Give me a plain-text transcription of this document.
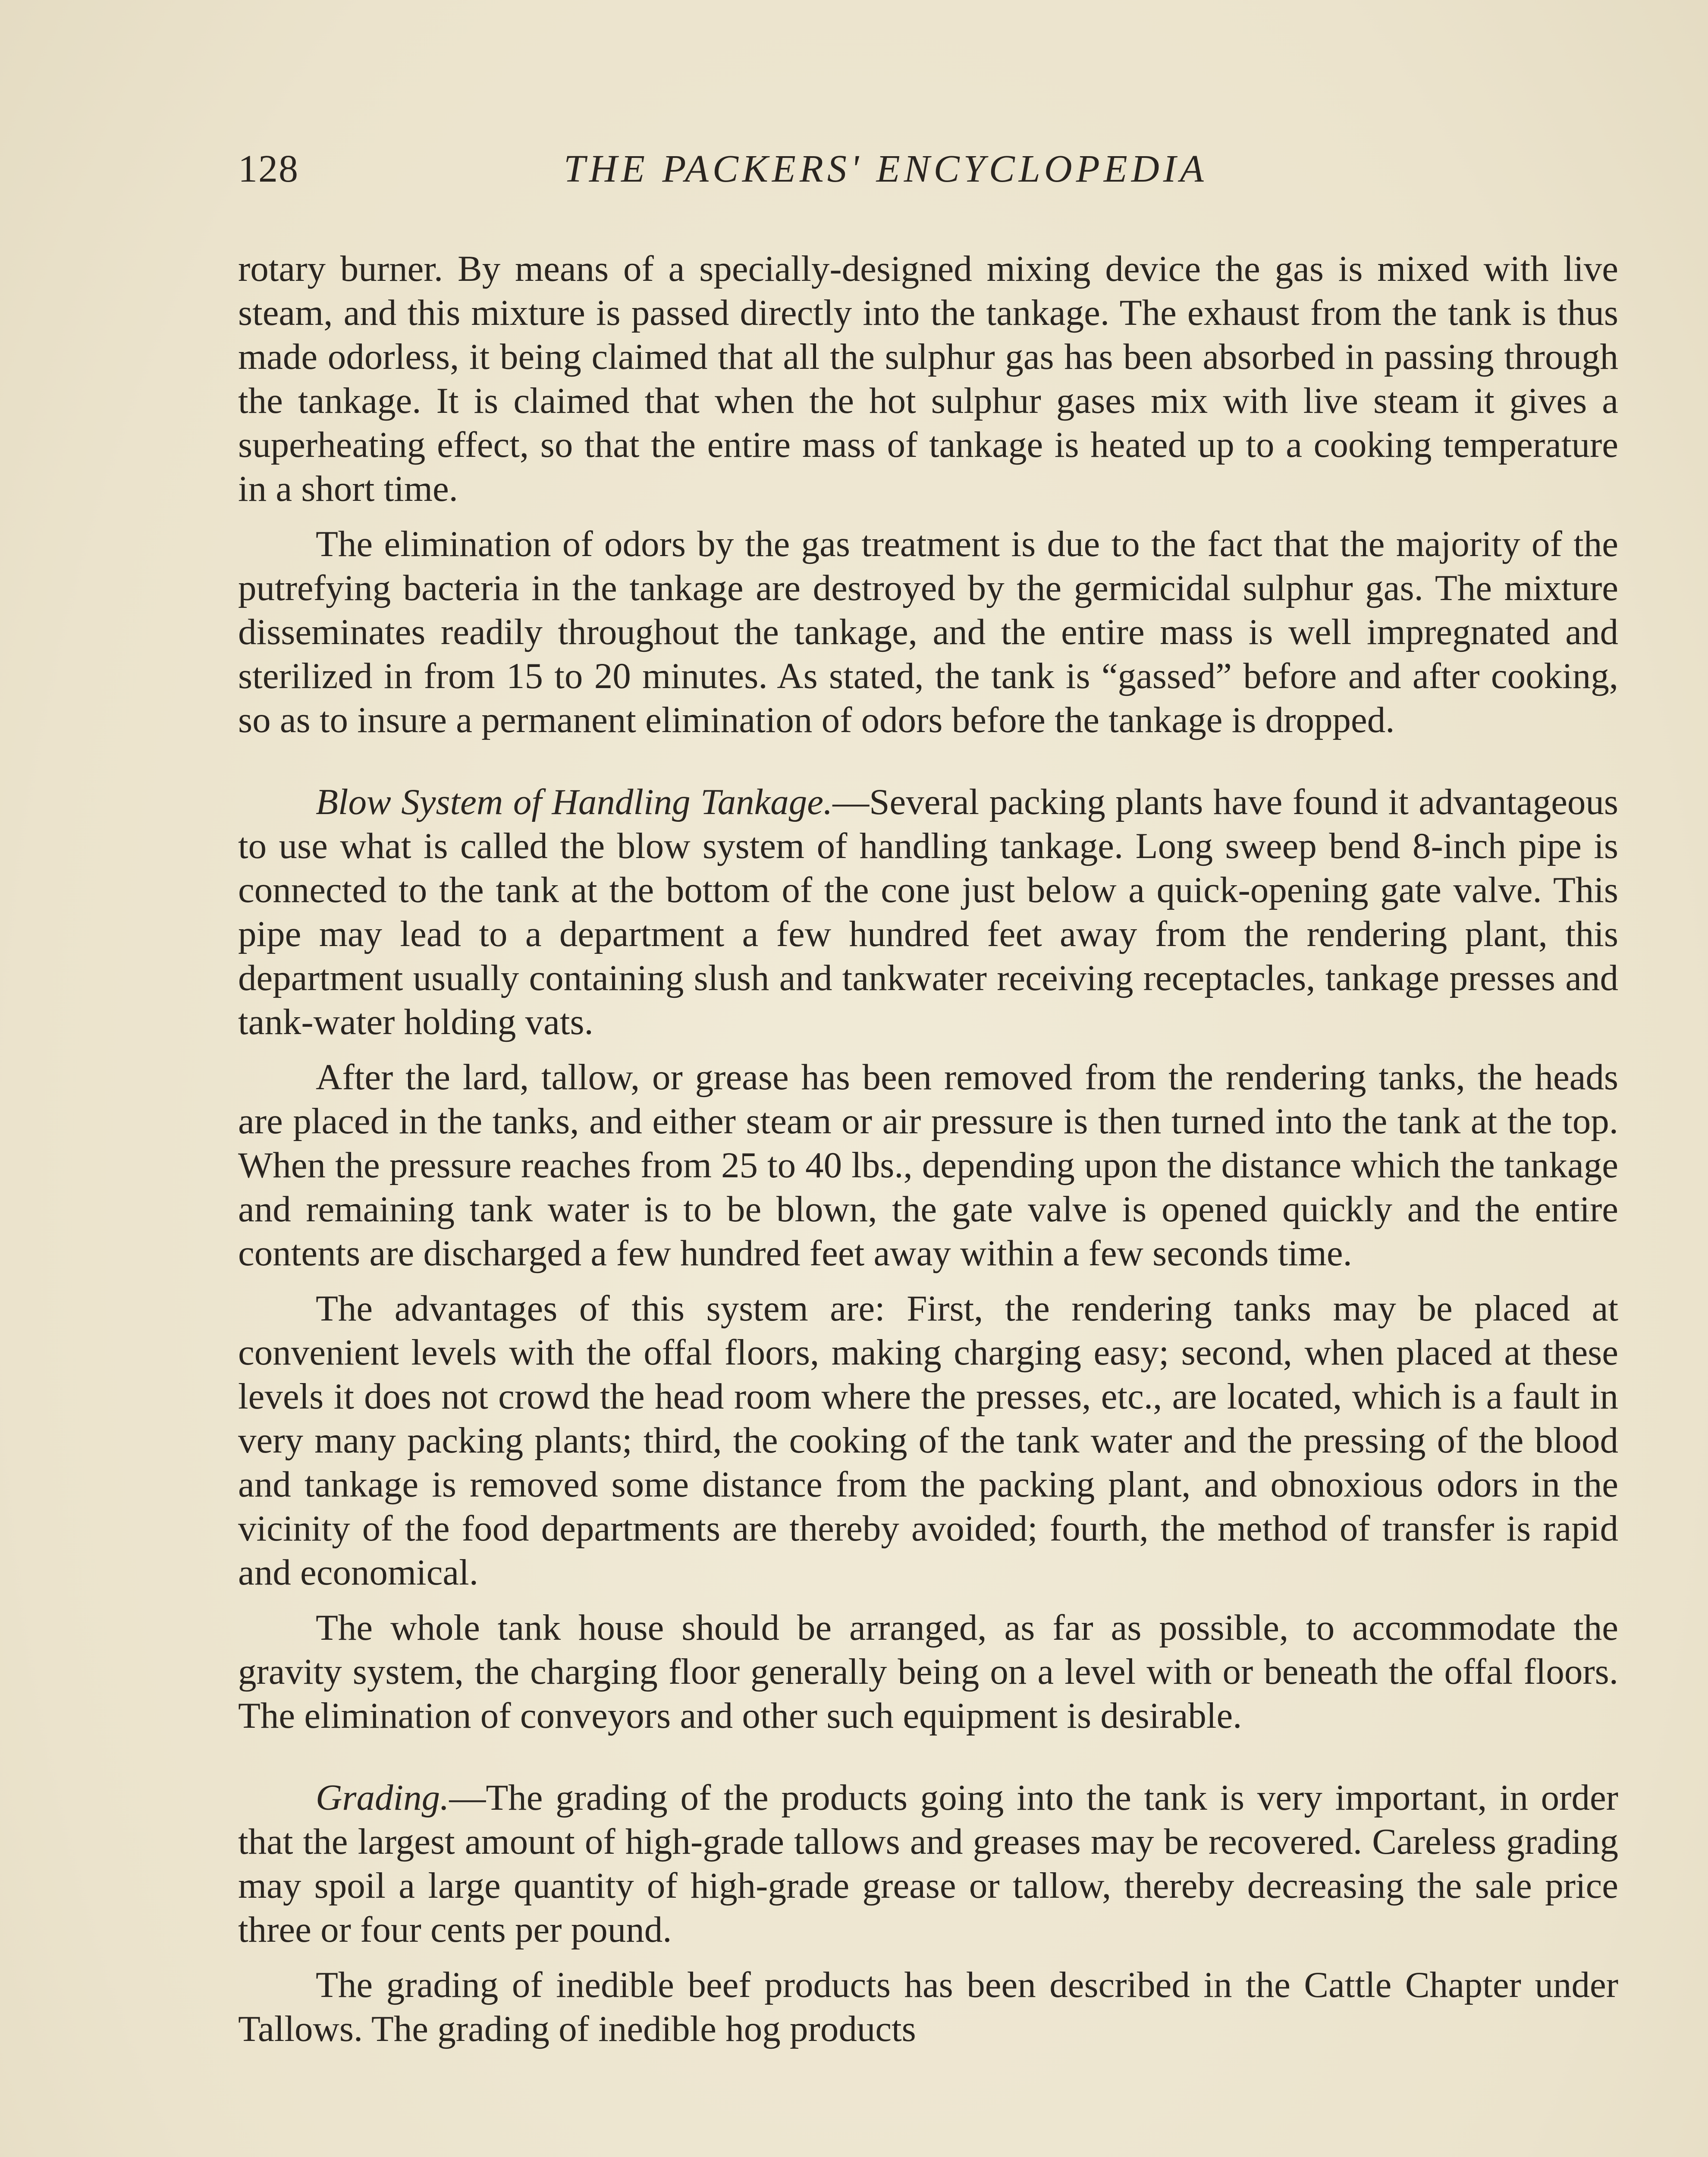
128	THE PACKERS' ENCYCLOPEDIA

rotary burner. By means of a specially-designed mixing device the gas is mixed with live steam, and this mixture is passed directly into the tankage. The exhaust from the tank is thus made odorless, it being claimed that all the sulphur gas has been absorbed in passing through the tankage. It is claimed that when the hot sulphur gases mix with live steam it gives a superheating effect, so that the entire mass of tankage is heated up to a cooking temperature in a short time.

The elimination of odors by the gas treatment is due to the fact that the majority of the putrefying bacteria in the tankage are destroyed by the germicidal sulphur gas. The mixture disseminates readily throughout the tankage, and the entire mass is well impregnated and sterilized in from 15 to 20 minutes. As stated, the tank is “gassed” before and after cooking, so as to insure a permanent elimination of odors before the tankage is dropped.

Blow System of Handling Tankage.—Several packing plants have found it advantageous to use what is called the blow system of handling tankage. Long sweep bend 8-inch pipe is connected to the tank at the bottom of the cone just below a quick-opening gate valve. This pipe may lead to a department a few hundred feet away from the rendering plant, this department usually containing slush and tankwater receiving receptacles, tankage presses and tank-water holding vats.

After the lard, tallow, or grease has been removed from the rendering tanks, the heads are placed in the tanks, and either steam or air pressure is then turned into the tank at the top. When the pressure reaches from 25 to 40 lbs., depending upon the distance which the tankage and remaining tank water is to be blown, the gate valve is opened quickly and the entire contents are discharged a few hundred feet away within a few seconds time.

The advantages of this system are: First, the rendering tanks may be placed at convenient levels with the offal floors, making charging easy; second, when placed at these levels it does not crowd the head room where the presses, etc., are located, which is a fault in very many packing plants; third, the cooking of the tank water and the pressing of the blood and tankage is removed some distance from the packing plant, and obnoxious odors in the vicinity of the food departments are thereby avoided; fourth, the method of transfer is rapid and economical.

The whole tank house should be arranged, as far as possible, to accommodate the gravity system, the charging floor generally being on a level with or beneath the offal floors. The elimination of conveyors and other such equipment is desirable.

Grading.—The grading of the products going into the tank is very important, in order that the largest amount of high-grade tallows and greases may be recovered. Careless grading may spoil a large quantity of high-grade grease or tallow, thereby decreasing the sale price three or four cents per pound.

The grading of inedible beef products has been described in the Cattle Chapter under Tallows. The grading of inedible hog products
